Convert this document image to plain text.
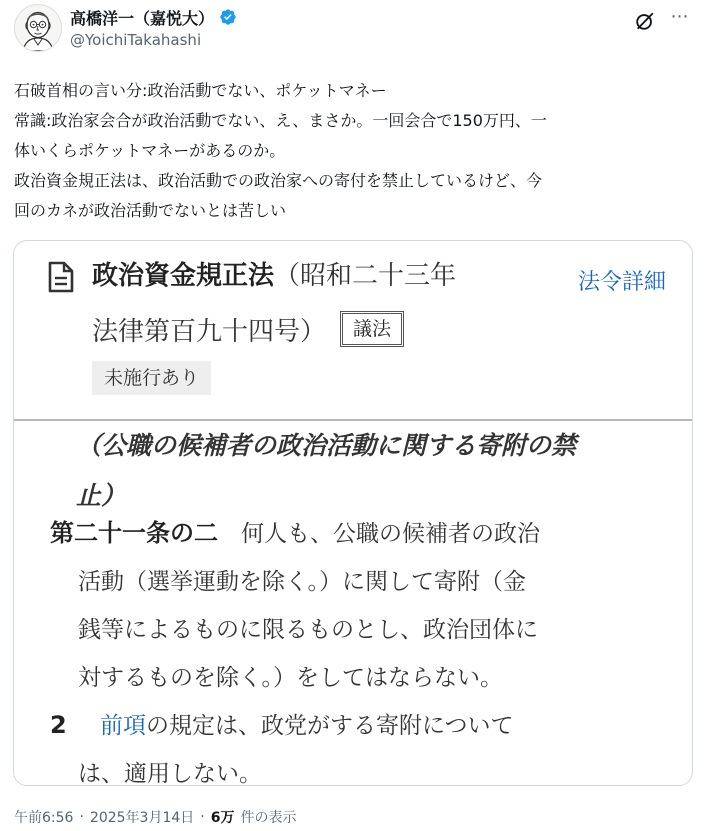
高橋洋一（嘉悦大）
@YoichiTakahashi
⋯

石破首相の言い分:政治活動でない、ポケットマネー

常識:政治家会合が政治活動でない、え、まさか。一回会合で150万円、一

体いくらポケットマネーがあるのか。

政治資金規正法は、政治活動での政治家への寄付を禁止しているけど、今

回のカネが政治活動でないとは苦しい

政治資金規正法（昭和二十三年
法律第百九十四号）	議法
法令詳細
未施行あり
（公職の候補者の政治活動に関する寄附の禁
止）
第二十一条の二　 何人も、公職の候補者の政治
活動（選挙運動を除く。）に関して寄附（金
銭等によるものに限るものとし、政治団体に
対するものを除く。）をしてはならない。
2 前項の規定は、政党がする寄附について
は、適用しない。
午前6:56 · 2025年3月14日 · 6万 件の表示
